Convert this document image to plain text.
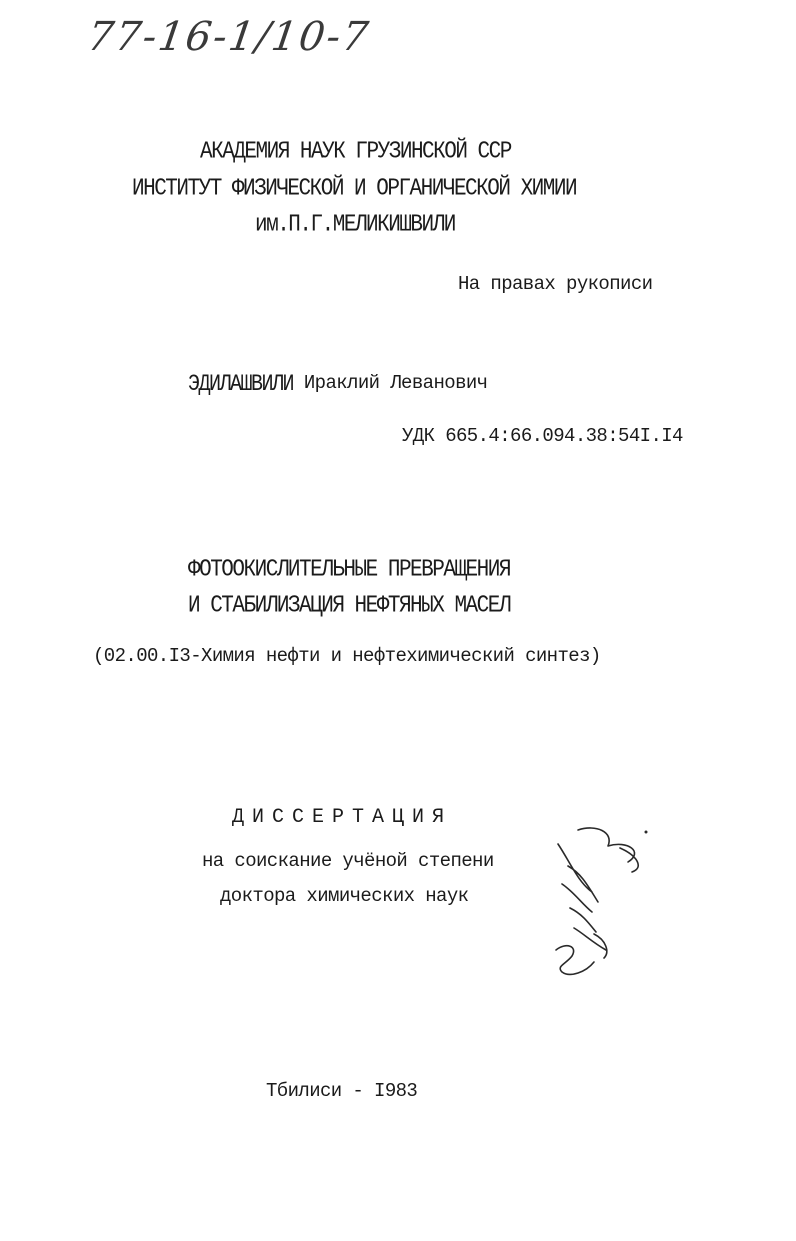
77-16-1/10-7
АКАДЕМИЯ НАУК ГРУЗИНСКОЙ ССР
ИНСТИТУТ ФИЗИЧЕСКОЙ И ОРГАНИЧЕСКОЙ ХИМИИ
им.П.Г.МЕЛИКИШВИЛИ
На правах рукописи
ЭДИЛАШВИЛИ Ираклий Леванович
УДК 665.4:66.094.38:54I.I4
ФОТООКИСЛИТЕЛЬНЫЕ ПРЕВРАЩЕНИЯ
И СТАБИЛИЗАЦИЯ НЕФТЯНЫХ МАСЕЛ
(02.00.I3-Химия нефти и нефтехимический синтез)
ДИССЕРТАЦИЯ
на соискание учёной степени
доктора химических наук
Тбилиси - I983
